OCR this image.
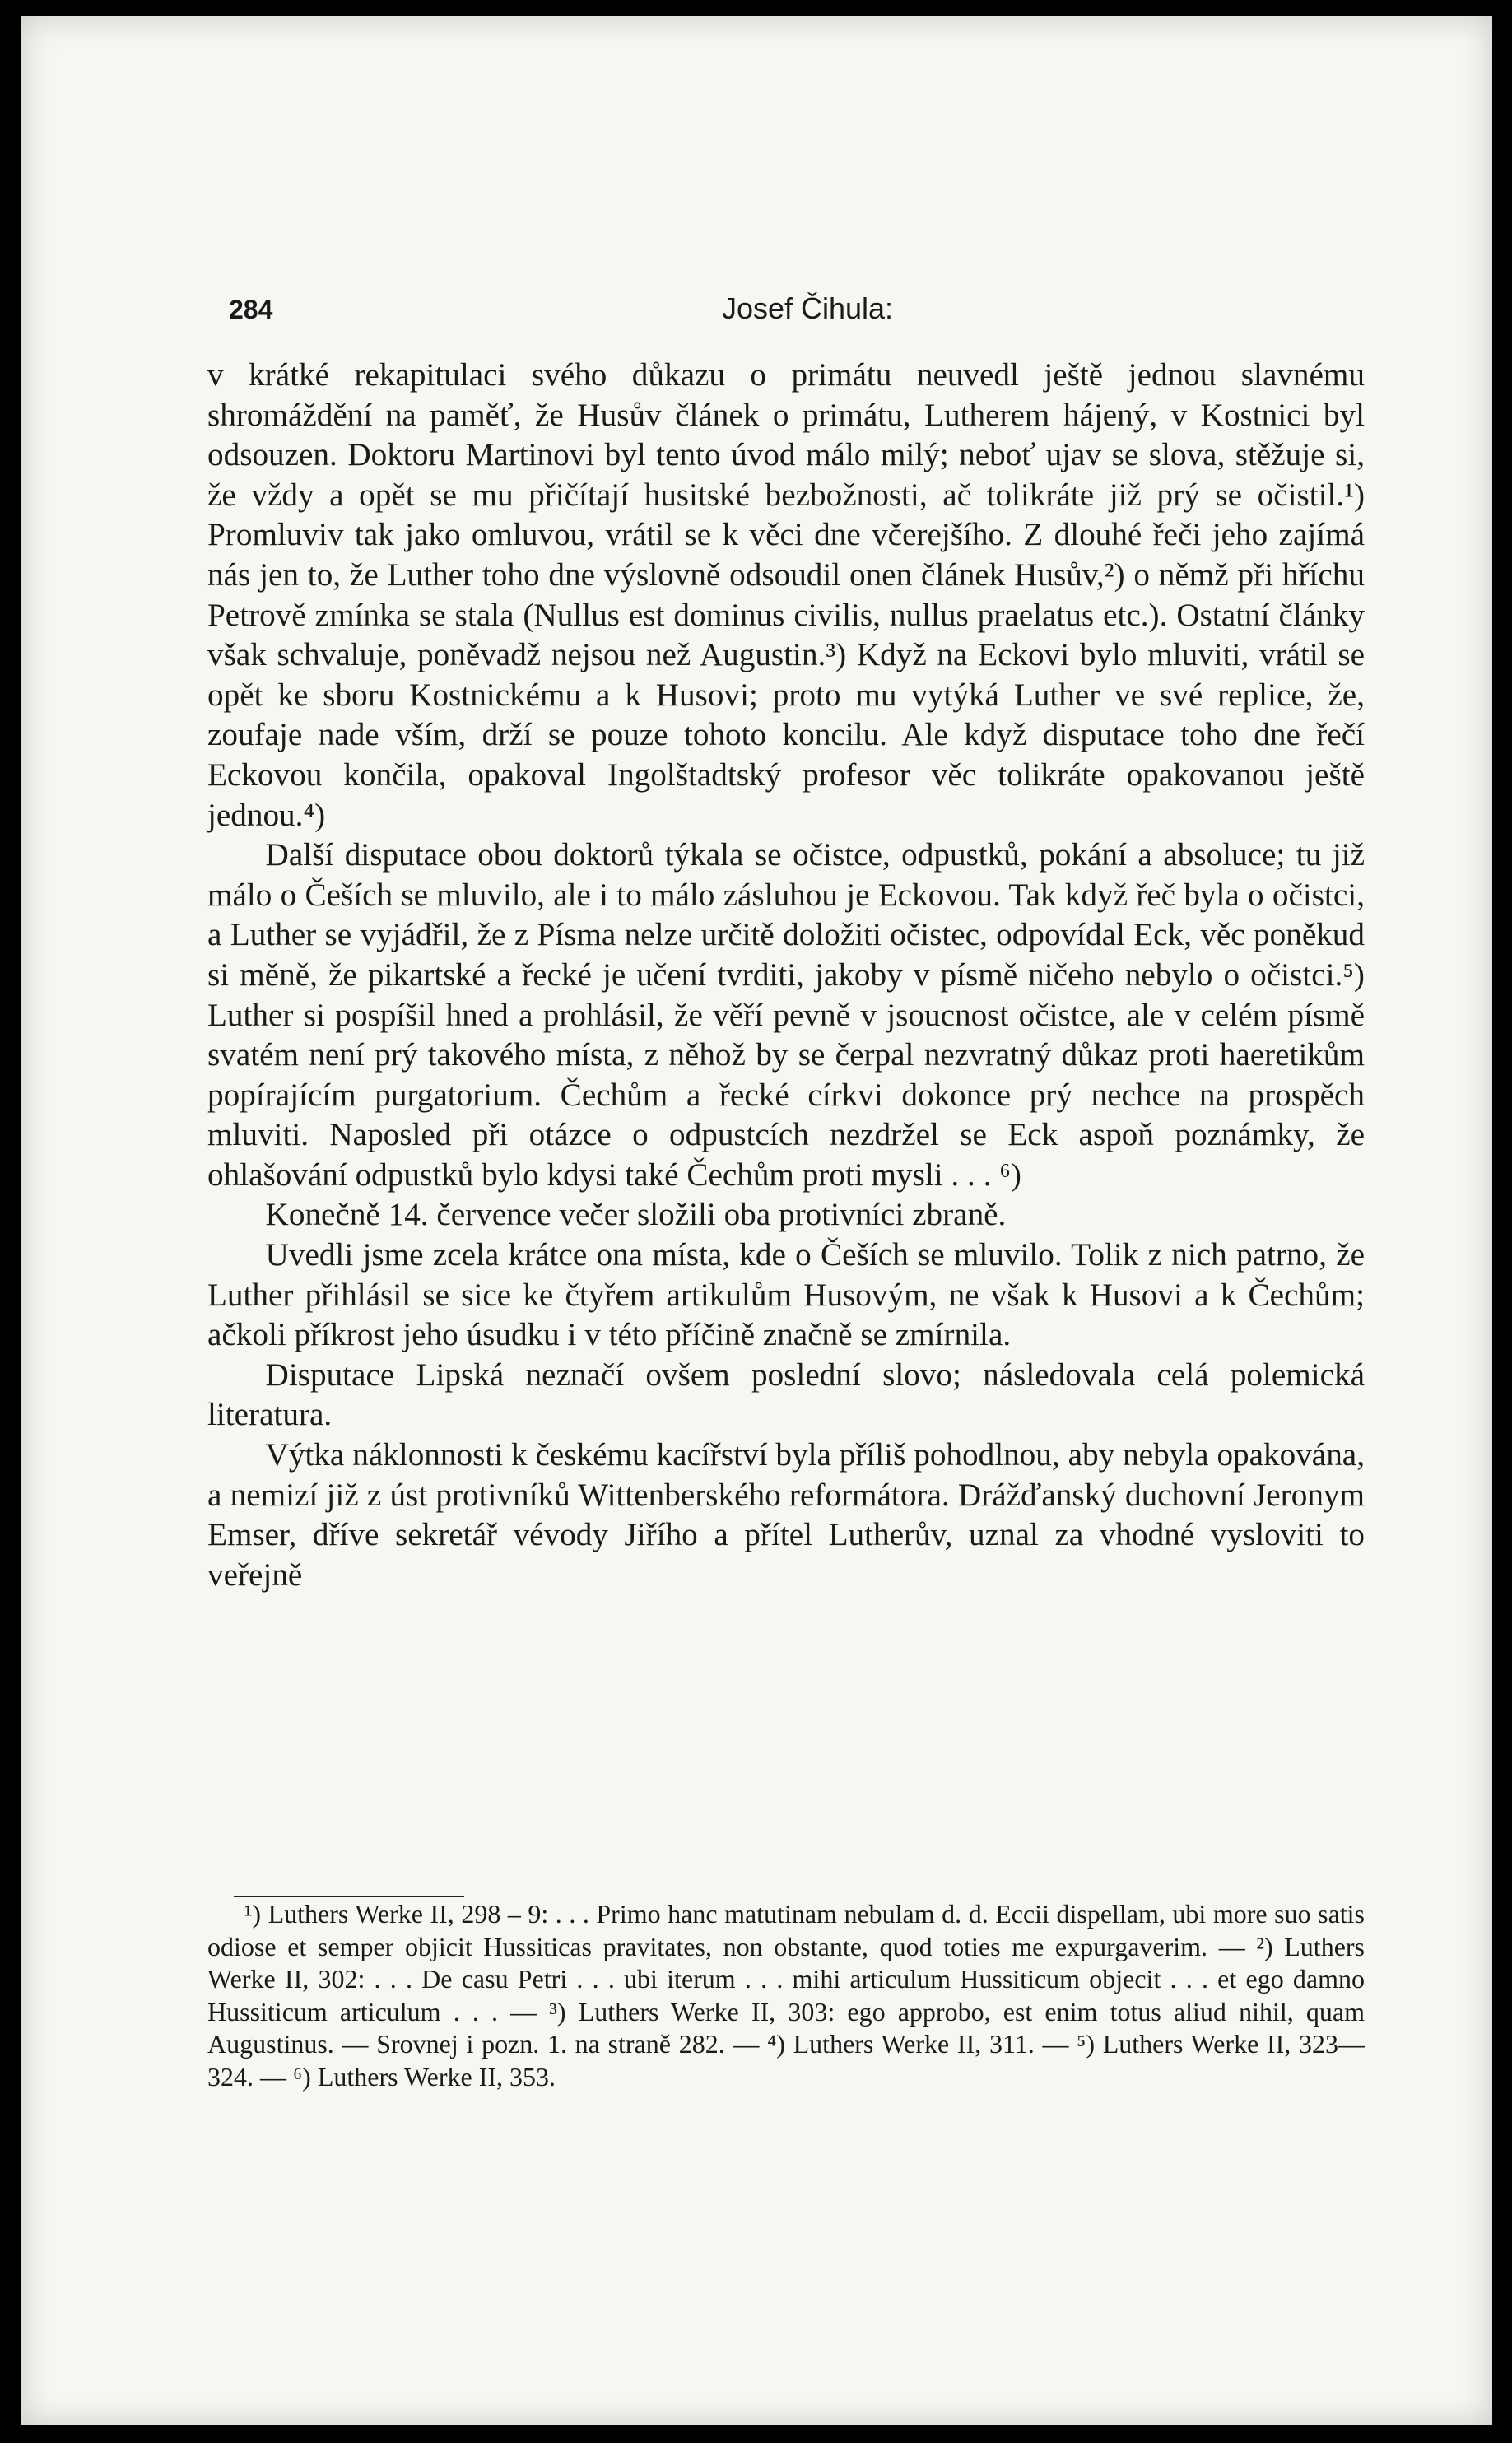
284	Josef Čihula:

v krátké rekapitulaci svého důkazu o primátu neuvedl ještě jednou slavnému shromáždění na paměť, že Husův článek o primátu, Lutherem hájený, v Kostnici byl odsouzen. Doktoru Martinovi byl tento úvod málo milý; neboť ujav se slova, stěžuje si, že vždy a opět se mu přičítají husitské bezbožnosti, ač tolikráte již prý se očistil.¹) Promluviv tak jako omluvou, vrátil se k věci dne včerejšího. Z dlouhé řeči jeho zajímá nás jen to, že Luther toho dne výslovně odsoudil onen článek Husův,²) o němž při hříchu Petrově zmínka se stala (Nullus est dominus civilis, nullus praelatus etc.). Ostatní články však schvaluje, poněvadž nejsou než Augustin.³) Když na Eckovi bylo mluviti, vrátil se opět ke sboru Kostnickému a k Husovi; proto mu vytýká Luther ve své replice, že, zoufaje nade vším, drží se pouze tohoto koncilu. Ale když disputace toho dne řečí Eckovou končila, opakoval Ingolštadtský profesor věc tolikráte opakovanou ještě jednou.⁴)

Další disputace obou doktorů týkala se očistce, odpustků, pokání a absoluce; tu již málo o Češích se mluvilo, ale i to málo zásluhou je Eckovou. Tak když řeč byla o očistci, a Luther se vyjádřil, že z Písma nelze určitě doložiti očistec, odpovídal Eck, věc poněkud si měně, že pikartské a řecké je učení tvrditi, jakoby v písmě ničeho nebylo o očistci.⁵) Luther si pospíšil hned a prohlásil, že věří pevně v jsoucnost očistce, ale v celém písmě svatém není prý takového místa, z něhož by se čerpal nezvratný důkaz proti haeretikům popírajícím purgatorium. Čechům a řecké církvi dokonce prý nechce na prospěch mluviti. Naposled při otázce o odpustcích nezdržel se Eck aspoň poznámky, že ohlašování odpustků bylo kdysi také Čechům proti mysli . . . ⁶)

Konečně 14. července večer složili oba protivníci zbraně.

Uvedli jsme zcela krátce ona místa, kde o Češích se mluvilo. Tolik z nich patrno, že Luther přihlásil se sice ke čtyřem artikulům Husovým, ne však k Husovi a k Čechům; ačkoli příkrost jeho úsudku i v této příčině značně se zmírnila.

Disputace Lipská neznačí ovšem poslední slovo; následovala celá polemická literatura.

Výtka náklonnosti k českému kacířství byla příliš pohodlnou, aby nebyla opakována, a nemizí již z úst protivníků Wittenberského reformátora. Drážďanský duchovní Jeronym Emser, dříve sekretář vévody Jiřího a přítel Lutherův, uznal za vhodné vysloviti to veřejně

¹) Luthers Werke II, 298 – 9: . . . Primo hanc matutinam nebulam d. d. Eccii dispellam, ubi more suo satis odiose et semper objicit Hussiticas pravitates, non obstante, quod toties me expurgaverim. — ²) Luthers Werke II, 302: . . . De casu Petri . . . ubi iterum . . . mihi articulum Hussiticum objecit . . . et ego damno Hussiticum articulum . . . — ³) Luthers Werke II, 303: ego approbo, est enim totus aliud nihil, quam Augustinus. — Srovnej i pozn. 1. na straně 282. — ⁴) Luthers Werke II, 311. — ⁵) Luthers Werke II, 323—324. — ⁶) Luthers Werke II, 353.
